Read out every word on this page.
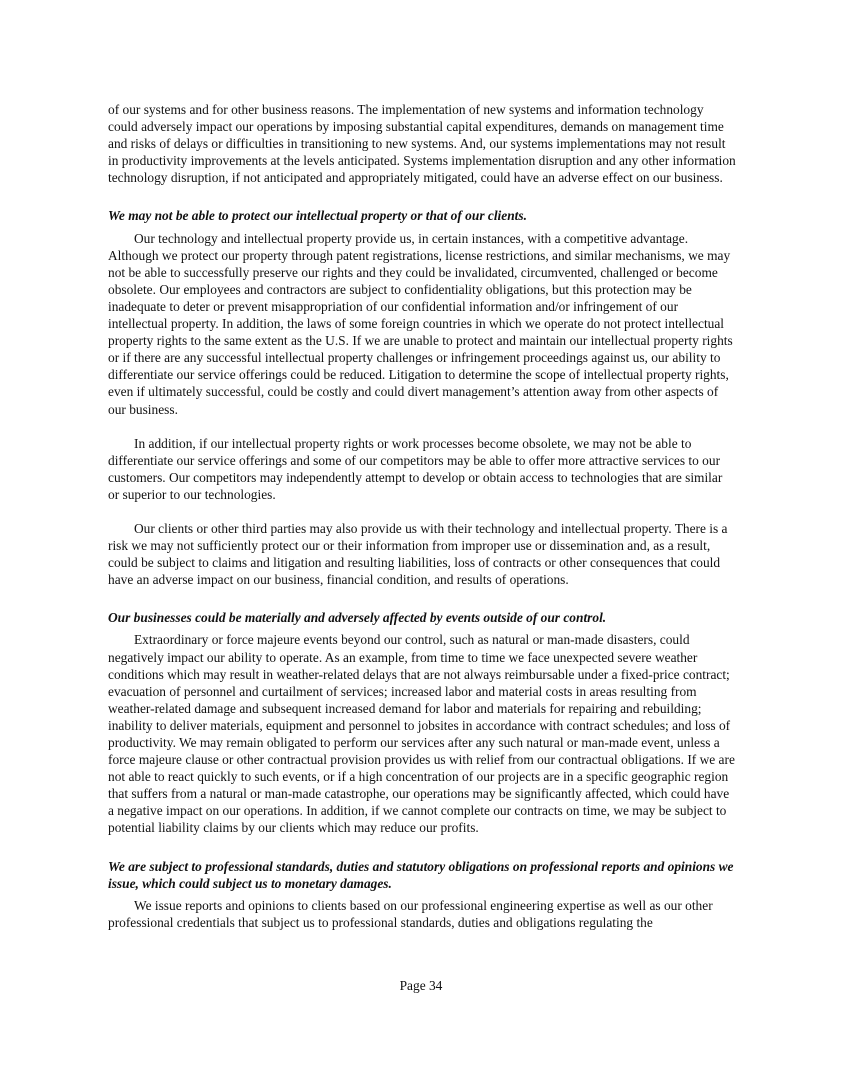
of our systems and for other business reasons. The implementation of new systems and information technology could adversely impact our operations by imposing substantial capital expenditures, demands on management time and risks of delays or difficulties in transitioning to new systems. And, our systems implementations may not result in productivity improvements at the levels anticipated. Systems implementation disruption and any other information technology disruption, if not anticipated and appropriately mitigated, could have an adverse effect on our business.

We may not be able to protect our intellectual property or that of our clients.

Our technology and intellectual property provide us, in certain instances, with a competitive advantage. Although we protect our property through patent registrations, license restrictions, and similar mechanisms, we may not be able to successfully preserve our rights and they could be invalidated, circumvented, challenged or become obsolete. Our employees and contractors are subject to confidentiality obligations, but this protection may be inadequate to deter or prevent misappropriation of our confidential information and/or infringement of our intellectual property. In addition, the laws of some foreign countries in which we operate do not protect intellectual property rights to the same extent as the U.S. If we are unable to protect and maintain our intellectual property rights or if there are any successful intellectual property challenges or infringement proceedings against us, our ability to differentiate our service offerings could be reduced. Litigation to determine the scope of intellectual property rights, even if ultimately successful, could be costly and could divert management’s attention away from other aspects of our business.

In addition, if our intellectual property rights or work processes become obsolete, we may not be able to differentiate our service offerings and some of our competitors may be able to offer more attractive services to our customers. Our competitors may independently attempt to develop or obtain access to technologies that are similar or superior to our technologies.

Our clients or other third parties may also provide us with their technology and intellectual property. There is a risk we may not sufficiently protect our or their information from improper use or dissemination and, as a result, could be subject to claims and litigation and resulting liabilities, loss of contracts or other consequences that could have an adverse impact on our business, financial condition, and results of operations.

Our businesses could be materially and adversely affected by events outside of our control.

Extraordinary or force majeure events beyond our control, such as natural or man-made disasters, could negatively impact our ability to operate. As an example, from time to time we face unexpected severe weather conditions which may result in weather-related delays that are not always reimbursable under a fixed-price contract; evacuation of personnel and curtailment of services; increased labor and material costs in areas resulting from weather-related damage and subsequent increased demand for labor and materials for repairing and rebuilding; inability to deliver materials, equipment and personnel to jobsites in accordance with contract schedules; and loss of productivity. We may remain obligated to perform our services after any such natural or man-made event, unless a force majeure clause or other contractual provision provides us with relief from our contractual obligations. If we are not able to react quickly to such events, or if a high concentration of our projects are in a specific geographic region that suffers from a natural or man-made catastrophe, our operations may be significantly affected, which could have a negative impact on our operations. In addition, if we cannot complete our contracts on time, we may be subject to potential liability claims by our clients which may reduce our profits.

We are subject to professional standards, duties and statutory obligations on professional reports and opinions we issue, which could subject us to monetary damages.

We issue reports and opinions to clients based on our professional engineering expertise as well as our other professional credentials that subject us to professional standards, duties and obligations regulating the

Page 34
